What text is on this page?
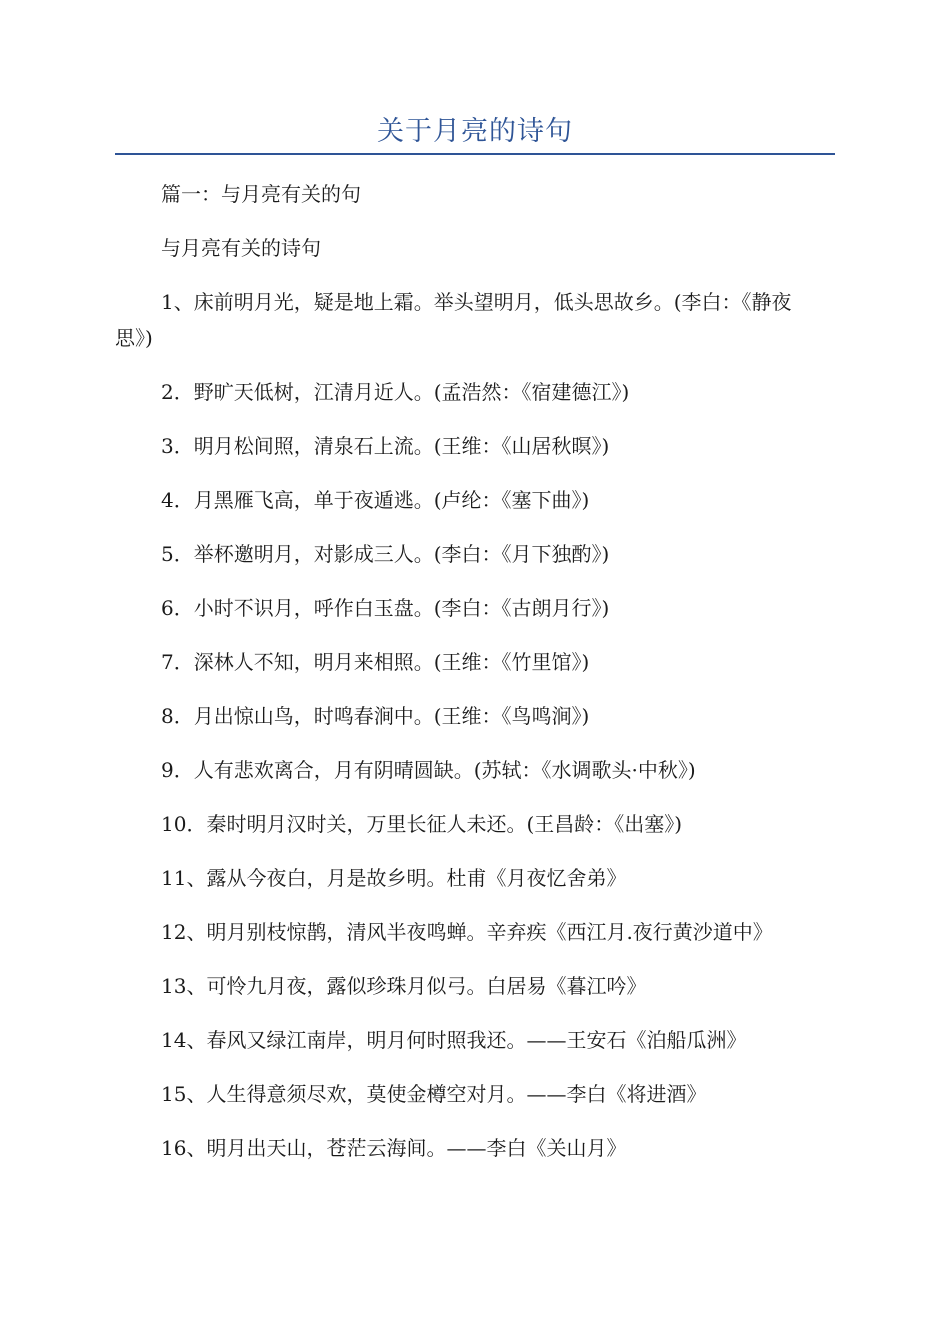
关于月亮的诗句

篇一：与月亮有关的句

与月亮有关的诗句

1、床前明月光，疑是地上霜。举头望明月，低头思故乡。(李白：《静夜思》)

2．野旷天低树，江清月近人。(孟浩然：《宿建德江》)

3．明月松间照，清泉石上流。(王维：《山居秋暝》)

4．月黑雁飞高，单于夜遁逃。(卢纶：《塞下曲》)

5．举杯邀明月，对影成三人。(李白：《月下独酌》)

6．小时不识月，呼作白玉盘。(李白：《古朗月行》)

7．深林人不知，明月来相照。(王维：《竹里馆》)

8．月出惊山鸟，时鸣春涧中。(王维：《鸟鸣涧》)

9．人有悲欢离合，月有阴晴圆缺。(苏轼：《水调歌头·中秋》)

10．秦时明月汉时关，万里长征人未还。(王昌龄：《出塞》)

11、露从今夜白，月是故乡明。杜甫《月夜忆舍弟》

12、明月别枝惊鹊，清风半夜鸣蝉。辛弃疾《西江月.夜行黄沙道中》

13、可怜九月夜，露似珍珠月似弓。白居易《暮江吟》

14、春风又绿江南岸，明月何时照我还。——王安石《泊船瓜洲》

15、人生得意须尽欢，莫使金樽空对月。——李白《将进酒》

16、明月出天山，苍茫云海间。——李白《关山月》
